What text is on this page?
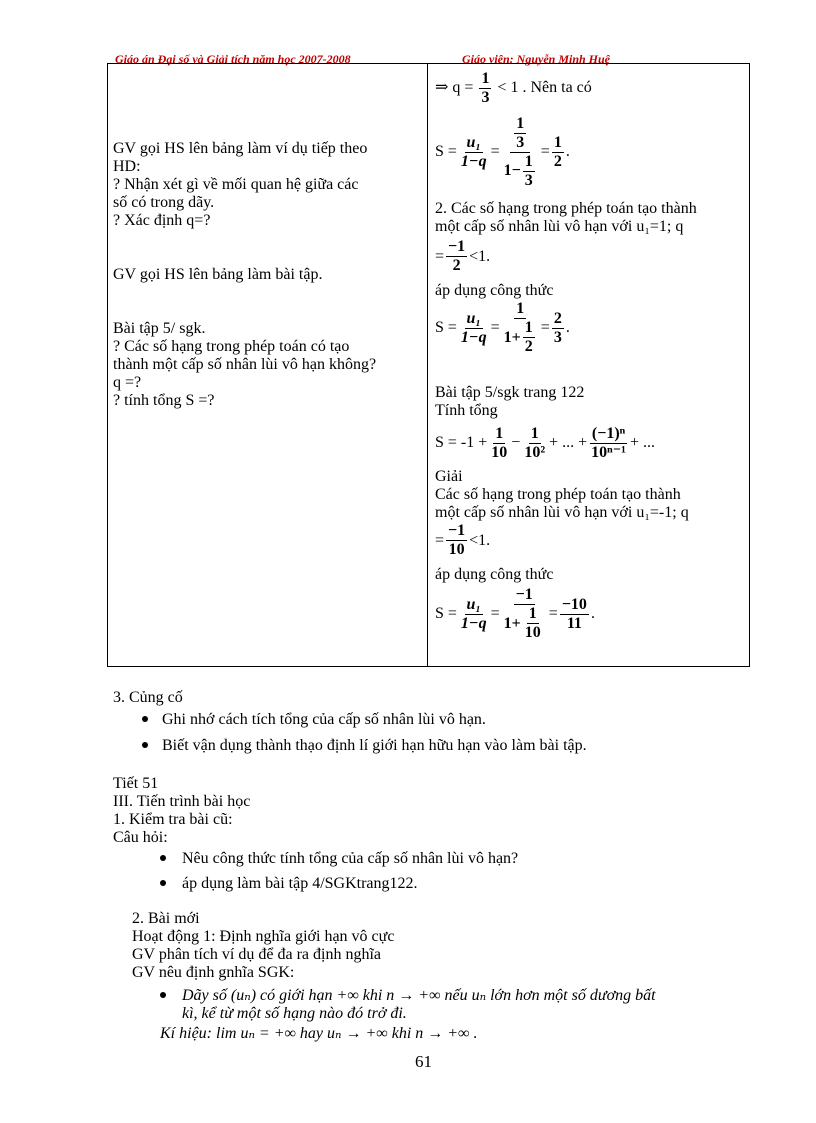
Giáo án Đại số và Giải tích năm học 2007-2008	Giáo viên: Nguyễn Minh Huệ
GV gọi HS lên bảng làm ví dụ tiếp theo
HD:
? Nhận xét gì về mối quan hệ giữa các
số có trong dãy.
? Xác định q=?
GV gọi HS lên bảng làm bài tập.
Bài tập 5/ sgk.
? Các số hạng trong phép toán có tạo
thành một cấp số nhân lùi vô hạn không?
q =?
? tính tổng S =?
⇒ $q = \frac{1}{3} < 1$ . Nên ta có
$S = \frac{\text{u₁}}{1-q} = \frac{\frac{1}{3}}{1- \frac{1}{3}} = \frac{1}{2}$ .
2. Các số hạng trong phép toán tạo thành
một cấp số nhân lùi vô hạn với u₁=1; q
= $\frac{-1}{2} <1$.
áp dụng công thức
$S = \frac{\text{u₁}}{1-q} = \frac{1}{1+ \frac{1}{2}} = \frac{2}{3}$ .
Bài tập 5/sgk trang 122
Tính tổng
$S = -1 + \frac{1}{10} - \frac{1}{\text{10²}}$ + ... + $\frac{\text{(−1)ⁿ}}{\text{10ⁿ⁻¹}}$ + ...
Giải
Các số hạng trong phép toán tạo thành
một cấp số nhân lùi vô hạn với u₁=-1; q
= $\frac{-1}{10} <1$.
áp dụng công thức
$S = \frac{\text{u₁}}{1-q} = \frac{-1}{1+ \frac{1}{10}} = \frac{-10}{11}$ .
3. Củng cố
Ghi nhớ cách tích tổng của cấp số nhân lùi vô hạn.
Biết vận dụng thành thạo định lí giới hạn hữu hạn vào làm bài tập.
Tiết 51
III. Tiến trình bài học
1. Kiểm tra bài cũ:
Câu hỏi:
Nêu công thức tính tổng của cấp số nhân lùi vô hạn?
áp dụng làm bài tập 4/SGKtrang122.
2. Bài mới
Hoạt động 1: Định nghĩa giới hạn vô cực
GV phân tích ví dụ để đa ra định nghĩa
GV nêu định gnhĩa SGK:
Dãy số (uₙ) có giới hạn +∞ khi n → +∞ nếu uₙ lớn hơn một số dương bất
kì, kể từ một số hạng nào đó trở đi.
Kí hiệu: lim uₙ = +∞ hay uₙ → +∞ khi n → +∞ .
61
